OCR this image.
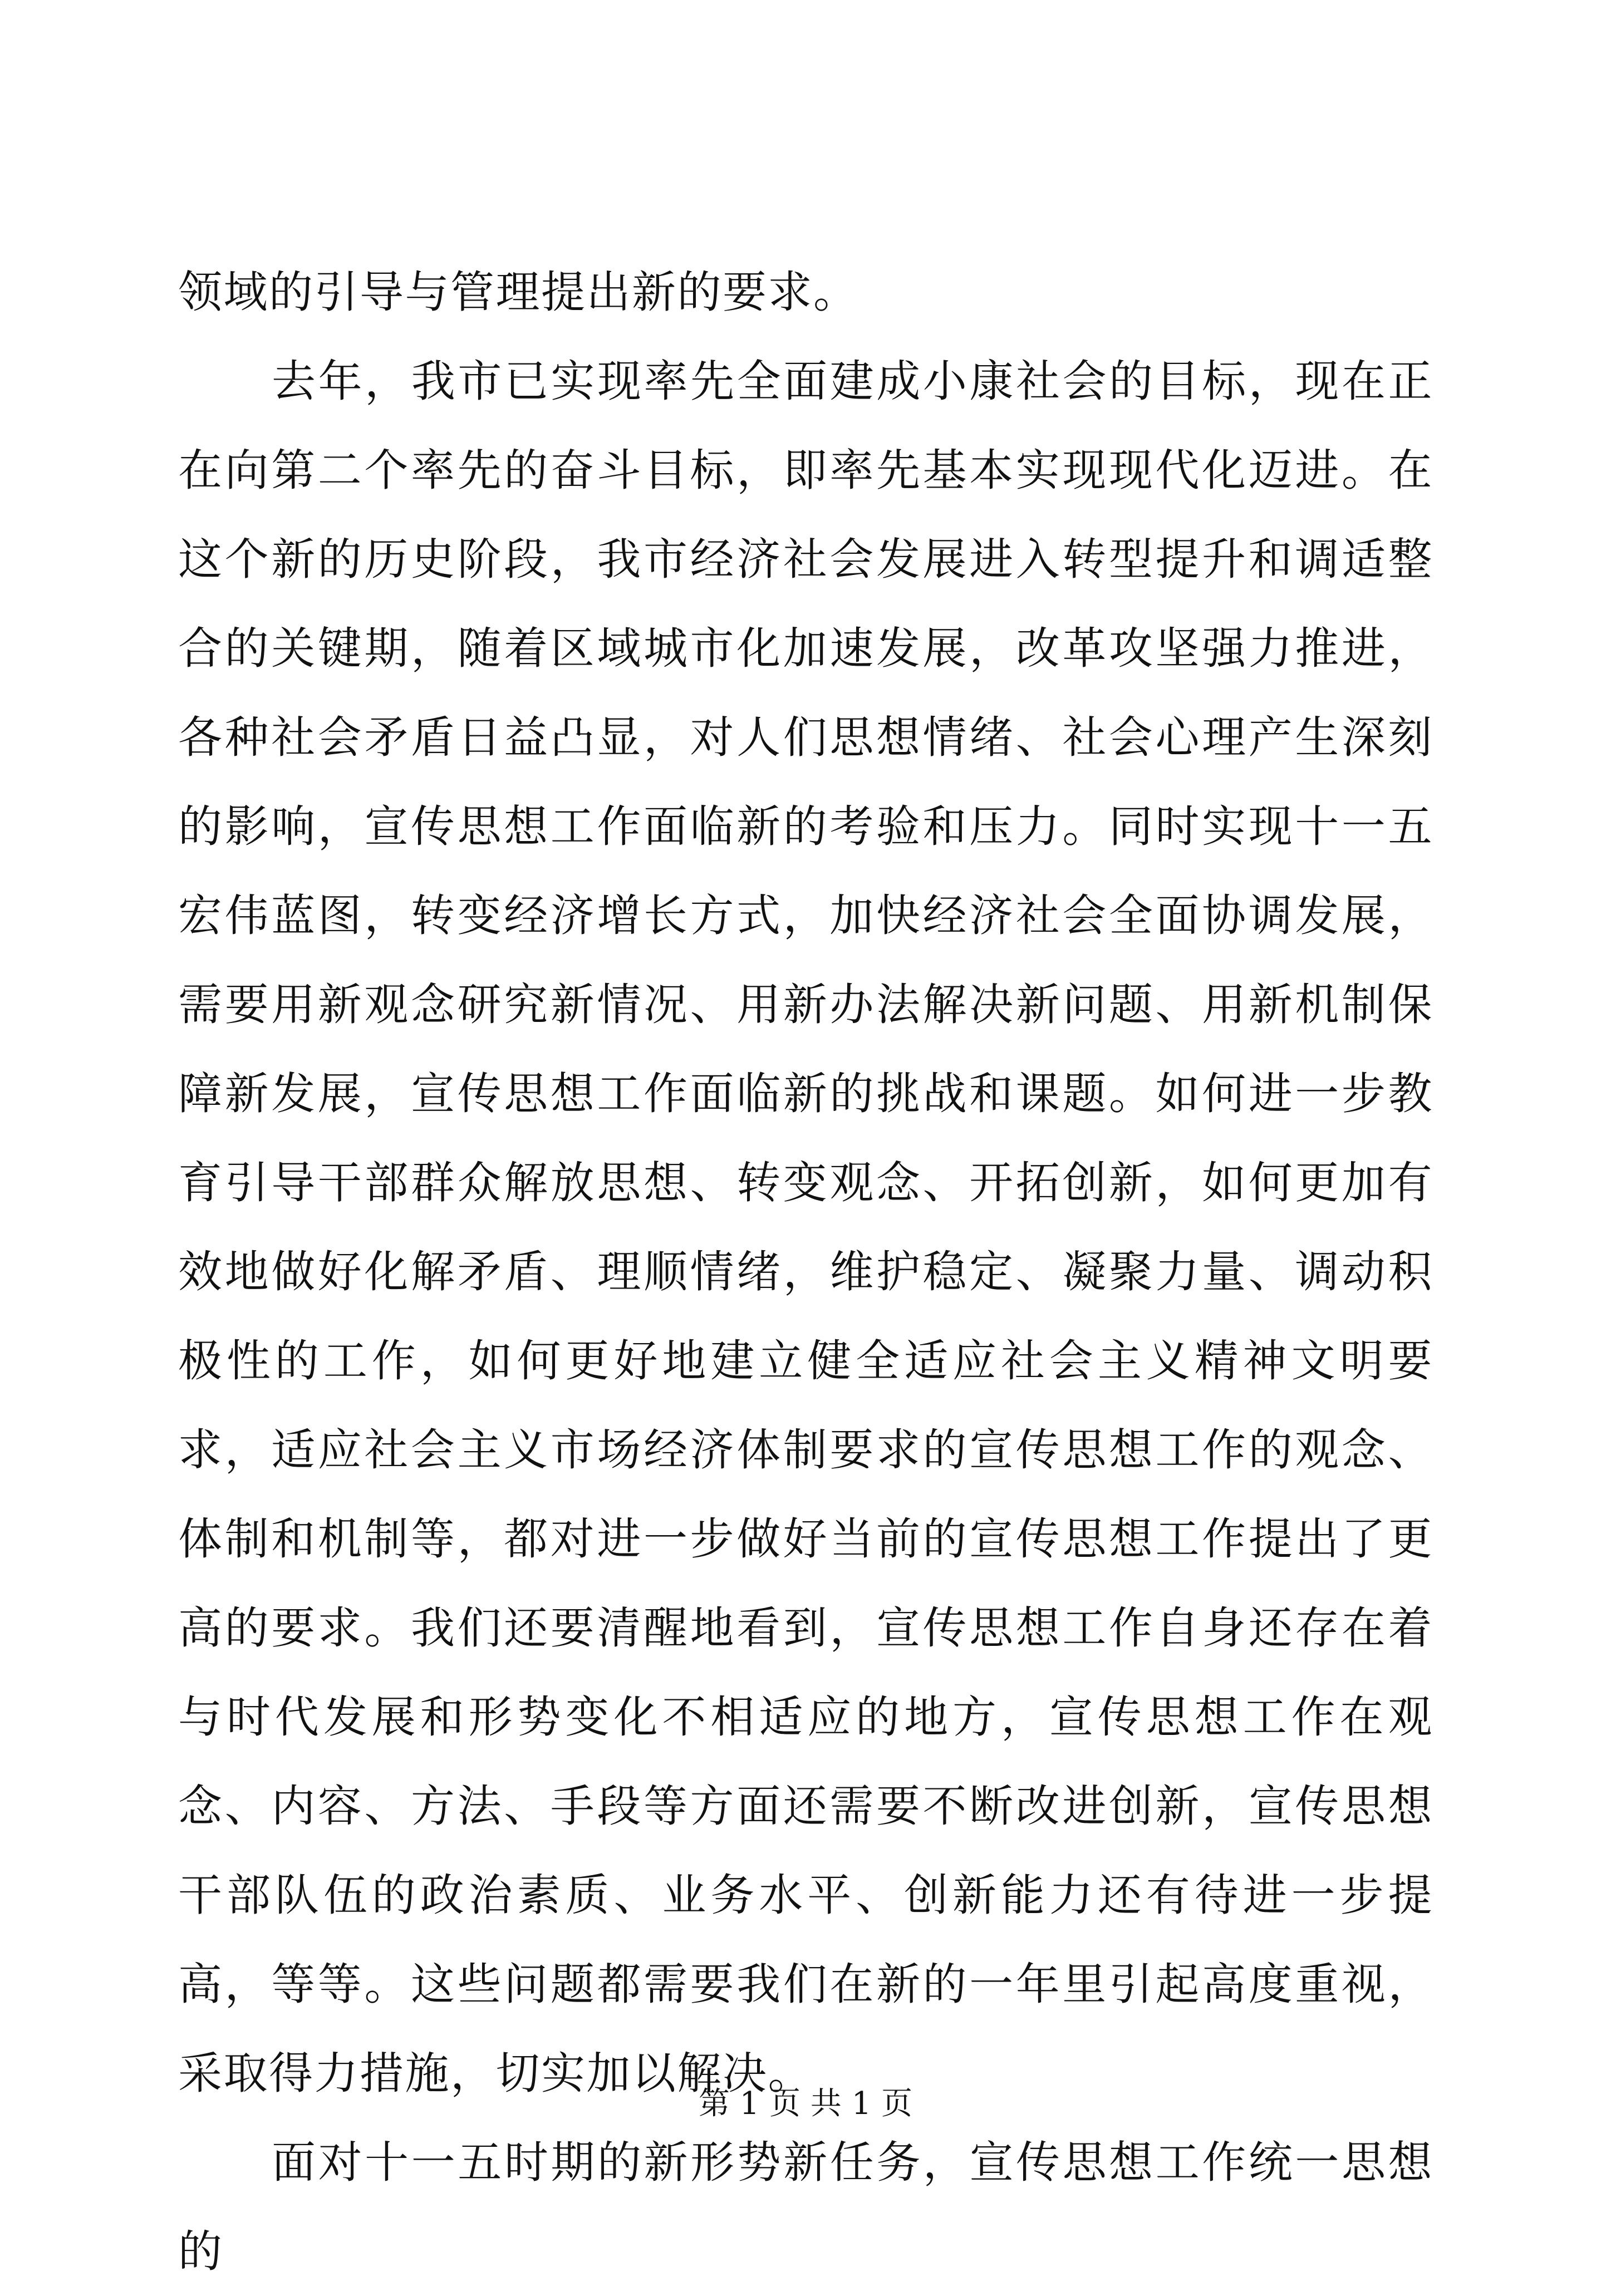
领域的引导与管理提出新的要求。

去年，我市已实现率先全面建成小康社会的目标，现在正在向第二个率先的奋斗目标，即率先基本实现现代化迈进。在这个新的历史阶段，我市经济社会发展进入转型提升和调适整合的关键期，随着区域城市化加速发展，改革攻坚强力推进，各种社会矛盾日益凸显，对人们思想情绪、社会心理产生深刻的影响，宣传思想工作面临新的考验和压力。同时实现十一五宏伟蓝图，转变经济增长方式，加快经济社会全面协调发展，需要用新观念研究新情况、用新办法解决新问题、用新机制保障新发展，宣传思想工作面临新的挑战和课题。如何进一步教育引导干部群众解放思想、转变观念、开拓创新，如何更加有效地做好化解矛盾、理顺情绪，维护稳定、凝聚力量、调动积极性的工作，如何更好地建立健全适应社会主义精神文明要求，适应社会主义市场经济体制要求的宣传思想工作的观念、体制和机制等，都对进一步做好当前的宣传思想工作提出了更高的要求。我们还要清醒地看到，宣传思想工作自身还存在着与时代发展和形势变化不相适应的地方，宣传思想工作在观念、内容、方法、手段等方面还需要不断改进创新，宣传思想干部队伍的政治素质、业务水平、创新能力还有待进一步提高，等等。这些问题都需要我们在新的一年里引起高度重视，采取得力措施，切实加以解决。

面对十一五时期的新形势新任务，宣传思想工作统一思想的

第 1 页 共 1 页
